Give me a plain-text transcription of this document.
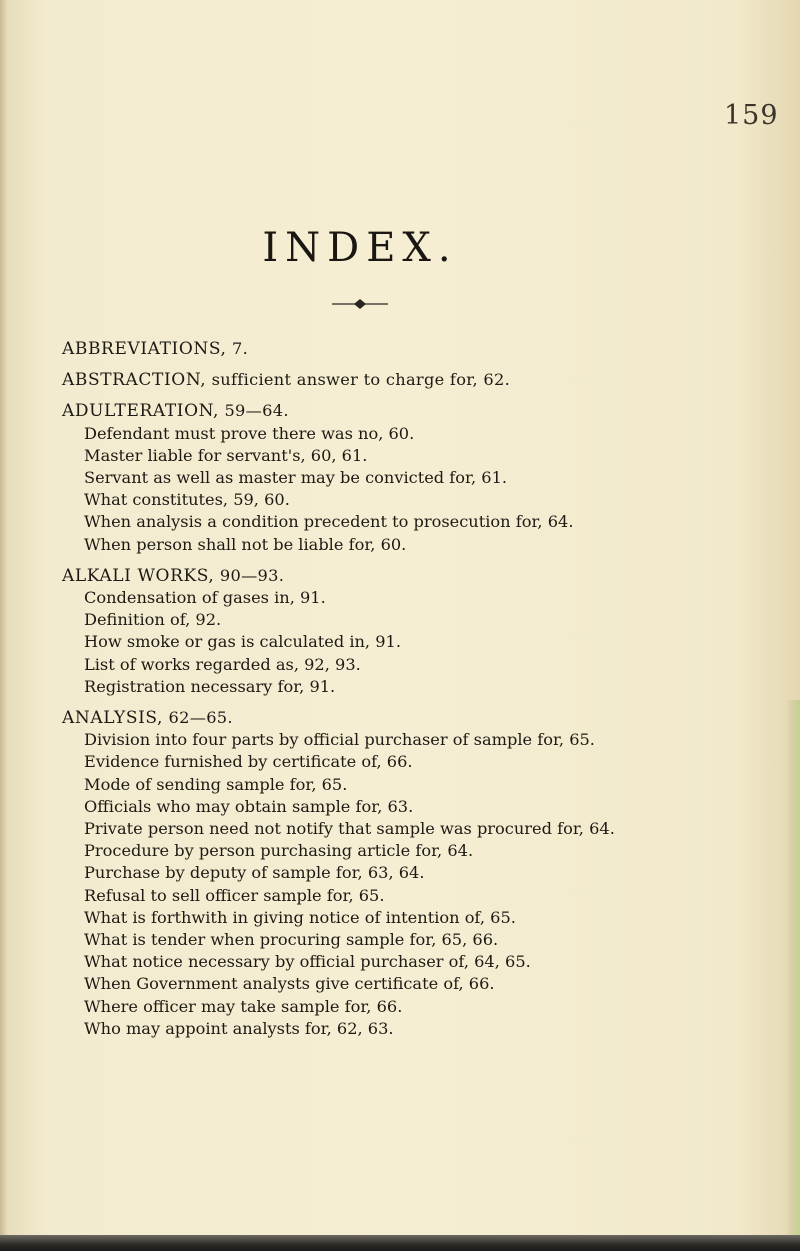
159
INDEX.
ABBREVIATIONS, 7.
ABSTRACTION, sufficient answer to charge for, 62.
ADULTERATION, 59—64.
Defendant must prove there was no, 60.
Master liable for servant's, 60, 61.
Servant as well as master may be convicted for, 61.
What constitutes, 59, 60.
When analysis a condition precedent to prosecution for, 64.
When person shall not be liable for, 60.
ALKALI WORKS, 90—93.
Condensation of gases in, 91.
Definition of, 92.
How smoke or gas is calculated in, 91.
List of works regarded as, 92, 93.
Registration necessary for, 91.
ANALYSIS, 62—65.
Division into four parts by official purchaser of sample for, 65.
Evidence furnished by certificate of, 66.
Mode of sending sample for, 65.
Officials who may obtain sample for, 63.
Private person need not notify that sample was procured for, 64.
Procedure by person purchasing article for, 64.
Purchase by deputy of sample for, 63, 64.
Refusal to sell officer sample for, 65.
What is forthwith in giving notice of intention of, 65.
What is tender when procuring sample for, 65, 66.
What notice necessary by official purchaser of, 64, 65.
When Government analysts give certificate of, 66.
Where officer may take sample for, 66.
Who may appoint analysts for, 62, 63.
